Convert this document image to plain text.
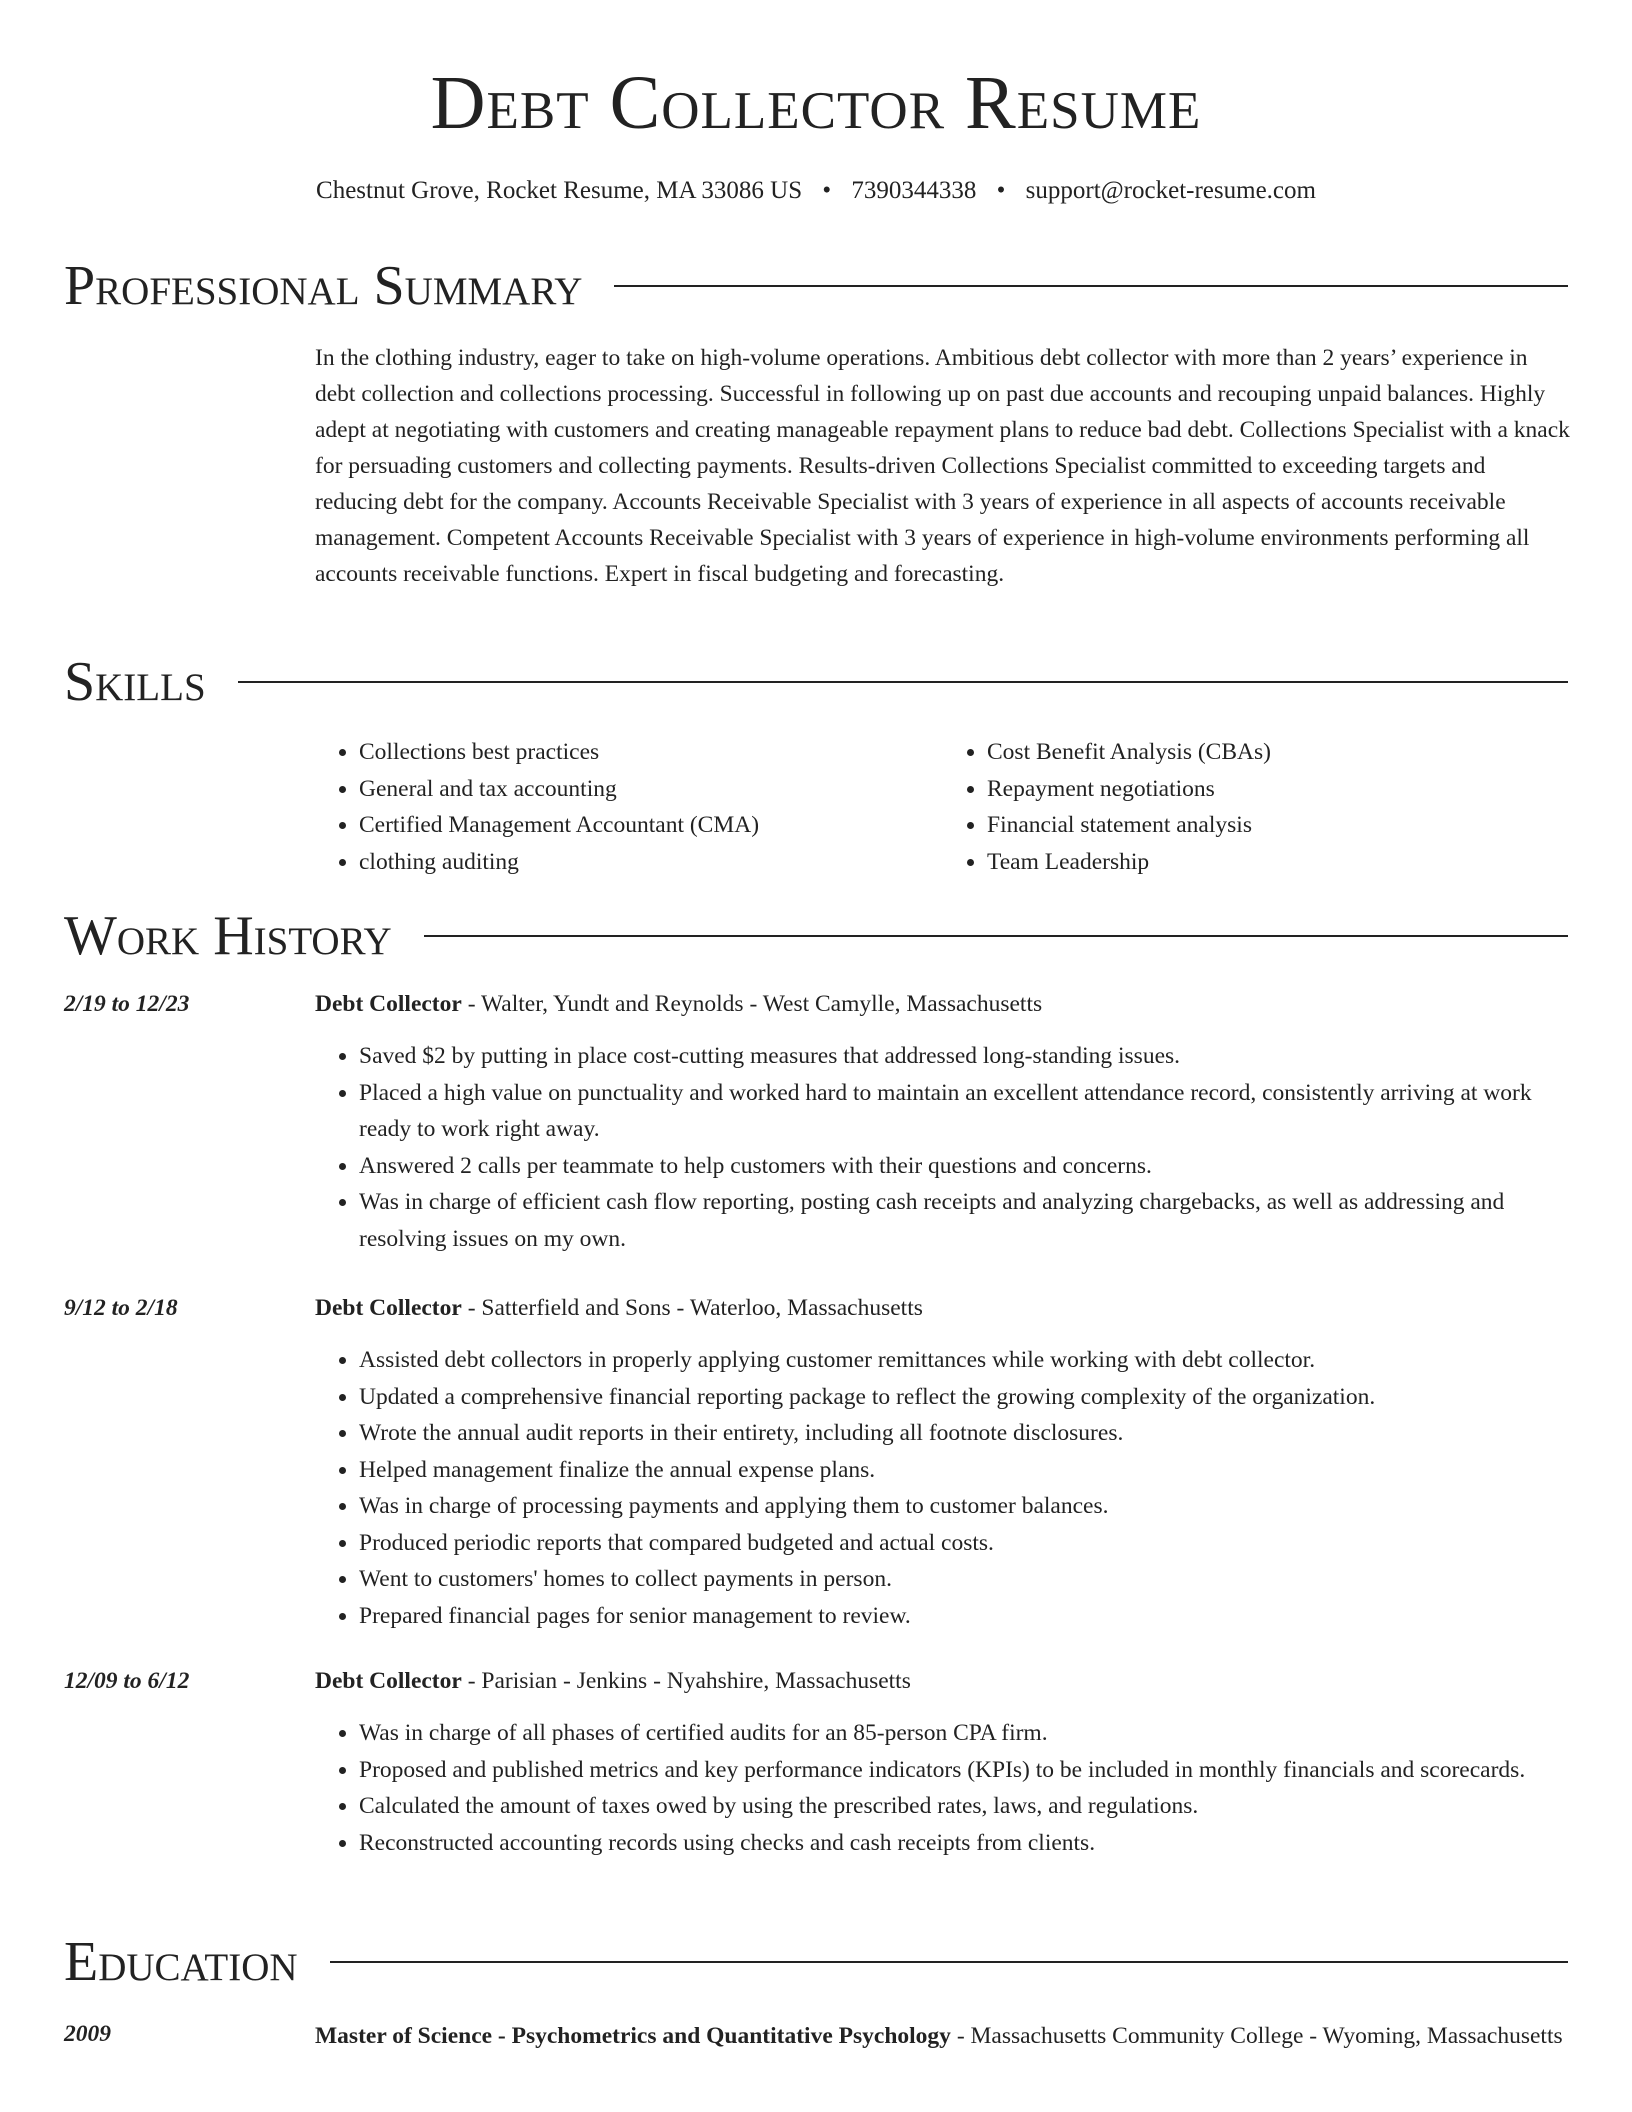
Debt Collector Resume
Chestnut Grove, Rocket Resume, MA 33086 US • 7390344338 • support@rocket-resume.com
Professional Summary

In the clothing industry, eager to take on high-volume operations. Ambitious debt collector with more than 2 years’ experience in debt collection and collections processing. Successful in following up on past due accounts and recouping unpaid balances. Highly adept at negotiating with customers and creating manageable repayment plans to reduce bad debt. Collections Specialist with a knack for persuading customers and collecting payments. Results-driven Collections Specialist committed to exceeding targets and reducing debt for the company. Accounts Receivable Specialist with 3 years of experience in all aspects of accounts receivable management. Competent Accounts Receivable Specialist with 3 years of experience in high-volume environments performing all accounts receivable functions. Expert in fiscal budgeting and forecasting.

Skills
• Collections best practices
• General and tax accounting
• Certified Management Accountant (CMA)
• clothing auditing
• Cost Benefit Analysis (CBAs)
• Repayment negotiations
• Financial statement analysis
• Team Leadership
Work History
2/19 to 12/23	Debt Collector - Walter, Yundt and Reynolds - West Camylle, Massachusetts
• Saved $2 by putting in place cost-cutting measures that addressed long-standing issues.
• Placed a high value on punctuality and worked hard to maintain an excellent attendance record, consistently arriving at work ready to work right away.
• Answered 2 calls per teammate to help customers with their questions and concerns.
• Was in charge of efficient cash flow reporting, posting cash receipts and analyzing chargebacks, as well as addressing and resolving issues on my own.
9/12 to 2/18	Debt Collector - Satterfield and Sons - Waterloo, Massachusetts
• Assisted debt collectors in properly applying customer remittances while working with debt collector.
• Updated a comprehensive financial reporting package to reflect the growing complexity of the organization.
• Wrote the annual audit reports in their entirety, including all footnote disclosures.
• Helped management finalize the annual expense plans.
• Was in charge of processing payments and applying them to customer balances.
• Produced periodic reports that compared budgeted and actual costs.
• Went to customers' homes to collect payments in person.
• Prepared financial pages for senior management to review.
12/09 to 6/12	Debt Collector - Parisian - Jenkins - Nyahshire, Massachusetts
• Was in charge of all phases of certified audits for an 85-person CPA firm.
• Proposed and published metrics and key performance indicators (KPIs) to be included in monthly financials and scorecards.
• Calculated the amount of taxes owed by using the prescribed rates, laws, and regulations.
• Reconstructed accounting records using checks and cash receipts from clients.
Education
2009	Master of Science - Psychometrics and Quantitative Psychology - Massachusetts Community College - Wyoming, Massachusetts
